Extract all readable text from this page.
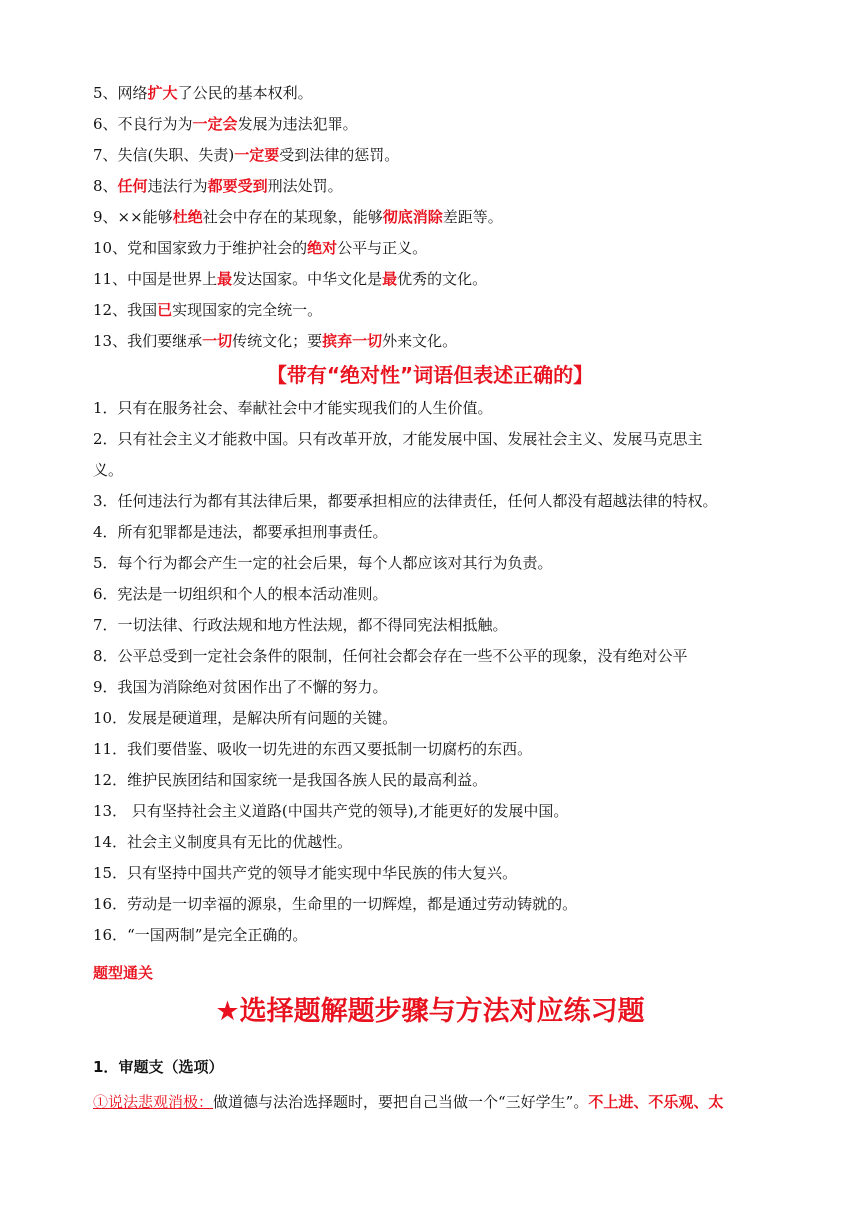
5、网络扩大了公民的基本权利。
6、不良行为为一定会发展为违法犯罪。
7、失信(失职、失责)一定要受到法律的惩罚。
8、任何违法行为都要受到刑法处罚。
9、××能够杜绝社会中存在的某现象，能够彻底消除差距等。
10、党和国家致力于维护社会的绝对公平与正义。
11、中国是世界上最发达国家。中华文化是最优秀的文化。
12、我国已实现国家的完全统一。
13、我们要继承一切传统文化；要摈弃一切外来文化。
【带有“绝对性”词语但表述正确的】
1．只有在服务社会、奉献社会中才能实现我们的人生价值。
2．只有社会主义才能救中国。只有改革开放，才能发展中国、发展社会主义、发展马克思主
义。
3．任何违法行为都有其法律后果，都要承担相应的法律责任，任何人都没有超越法律的特权。
4．所有犯罪都是违法，都要承担刑事责任。
5．每个行为都会产生一定的社会后果，每个人都应该对其行为负责。
6．宪法是一切组织和个人的根本活动准则。
7．一切法律、行政法规和地方性法规，都不得同宪法相抵触。
8．公平总受到一定社会条件的限制，任何社会都会存在一些不公平的现象，没有绝对公平
9．我国为消除绝对贫困作出了不懈的努力。
10．发展是硬道理，是解决所有问题的关键。
11．我们要借鉴、吸收一切先进的东西又要抵制一切腐朽的东西。
12．维护民族团结和国家统一是我国各族人民的最高利益。
13． 只有坚持社会主义道路(中国共产党的领导),才能更好的发展中国。
14．社会主义制度具有无比的优越性。
15．只有坚持中国共产党的领导才能实现中华民族的伟大复兴。
16．劳动是一切幸福的源泉，生命里的一切辉煌，都是通过劳动铸就的。
16．“一国两制”是完全正确的。
题型通关
★选择题解题步骤与方法对应练习题
1．审题支（选项）
①说法悲观消极：做道德与法治选择题时，要把自己当做一个“三好学生”。不上进、不乐观、太
